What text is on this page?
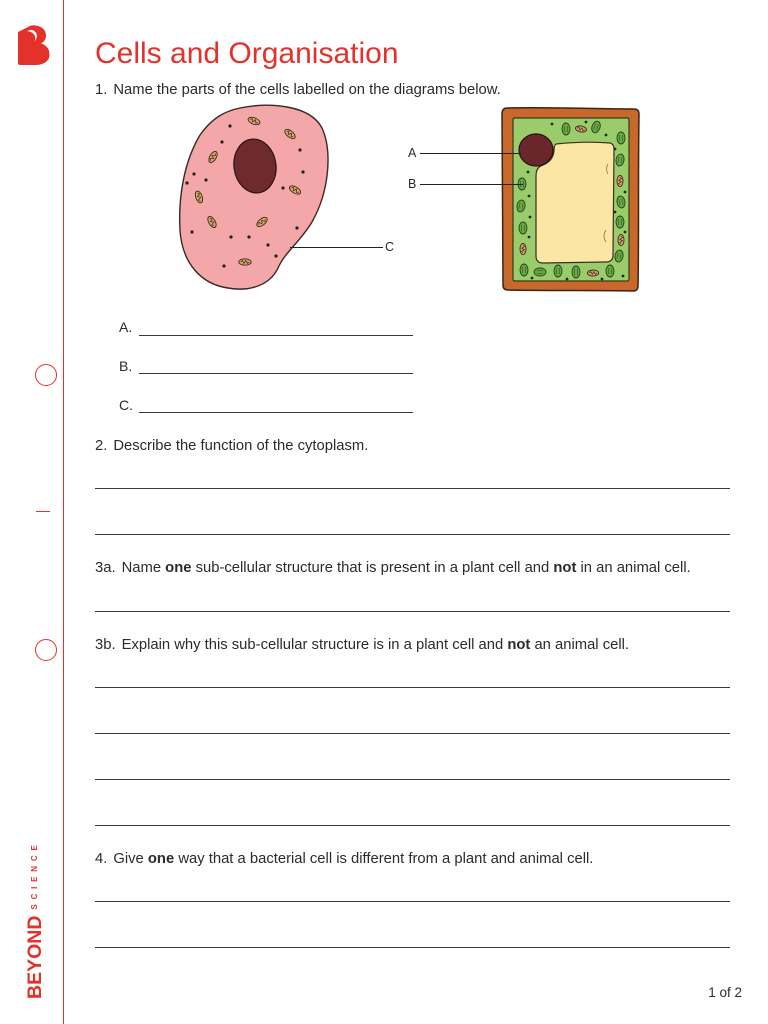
BEYOND
SCIENCE
Cells and Organisation
1. Name the parts of the cells labelled on the diagrams below.
A
B
C
A.
B.
C.
2. Describe the function of the cytoplasm.
3a. Name one sub-cellular structure that is present in a plant cell and not in an animal cell.
3b. Explain why this sub-cellular structure is in a plant cell and not an animal cell.
4. Give one way that a bacterial cell is different from a plant and animal cell.
1 of 2
